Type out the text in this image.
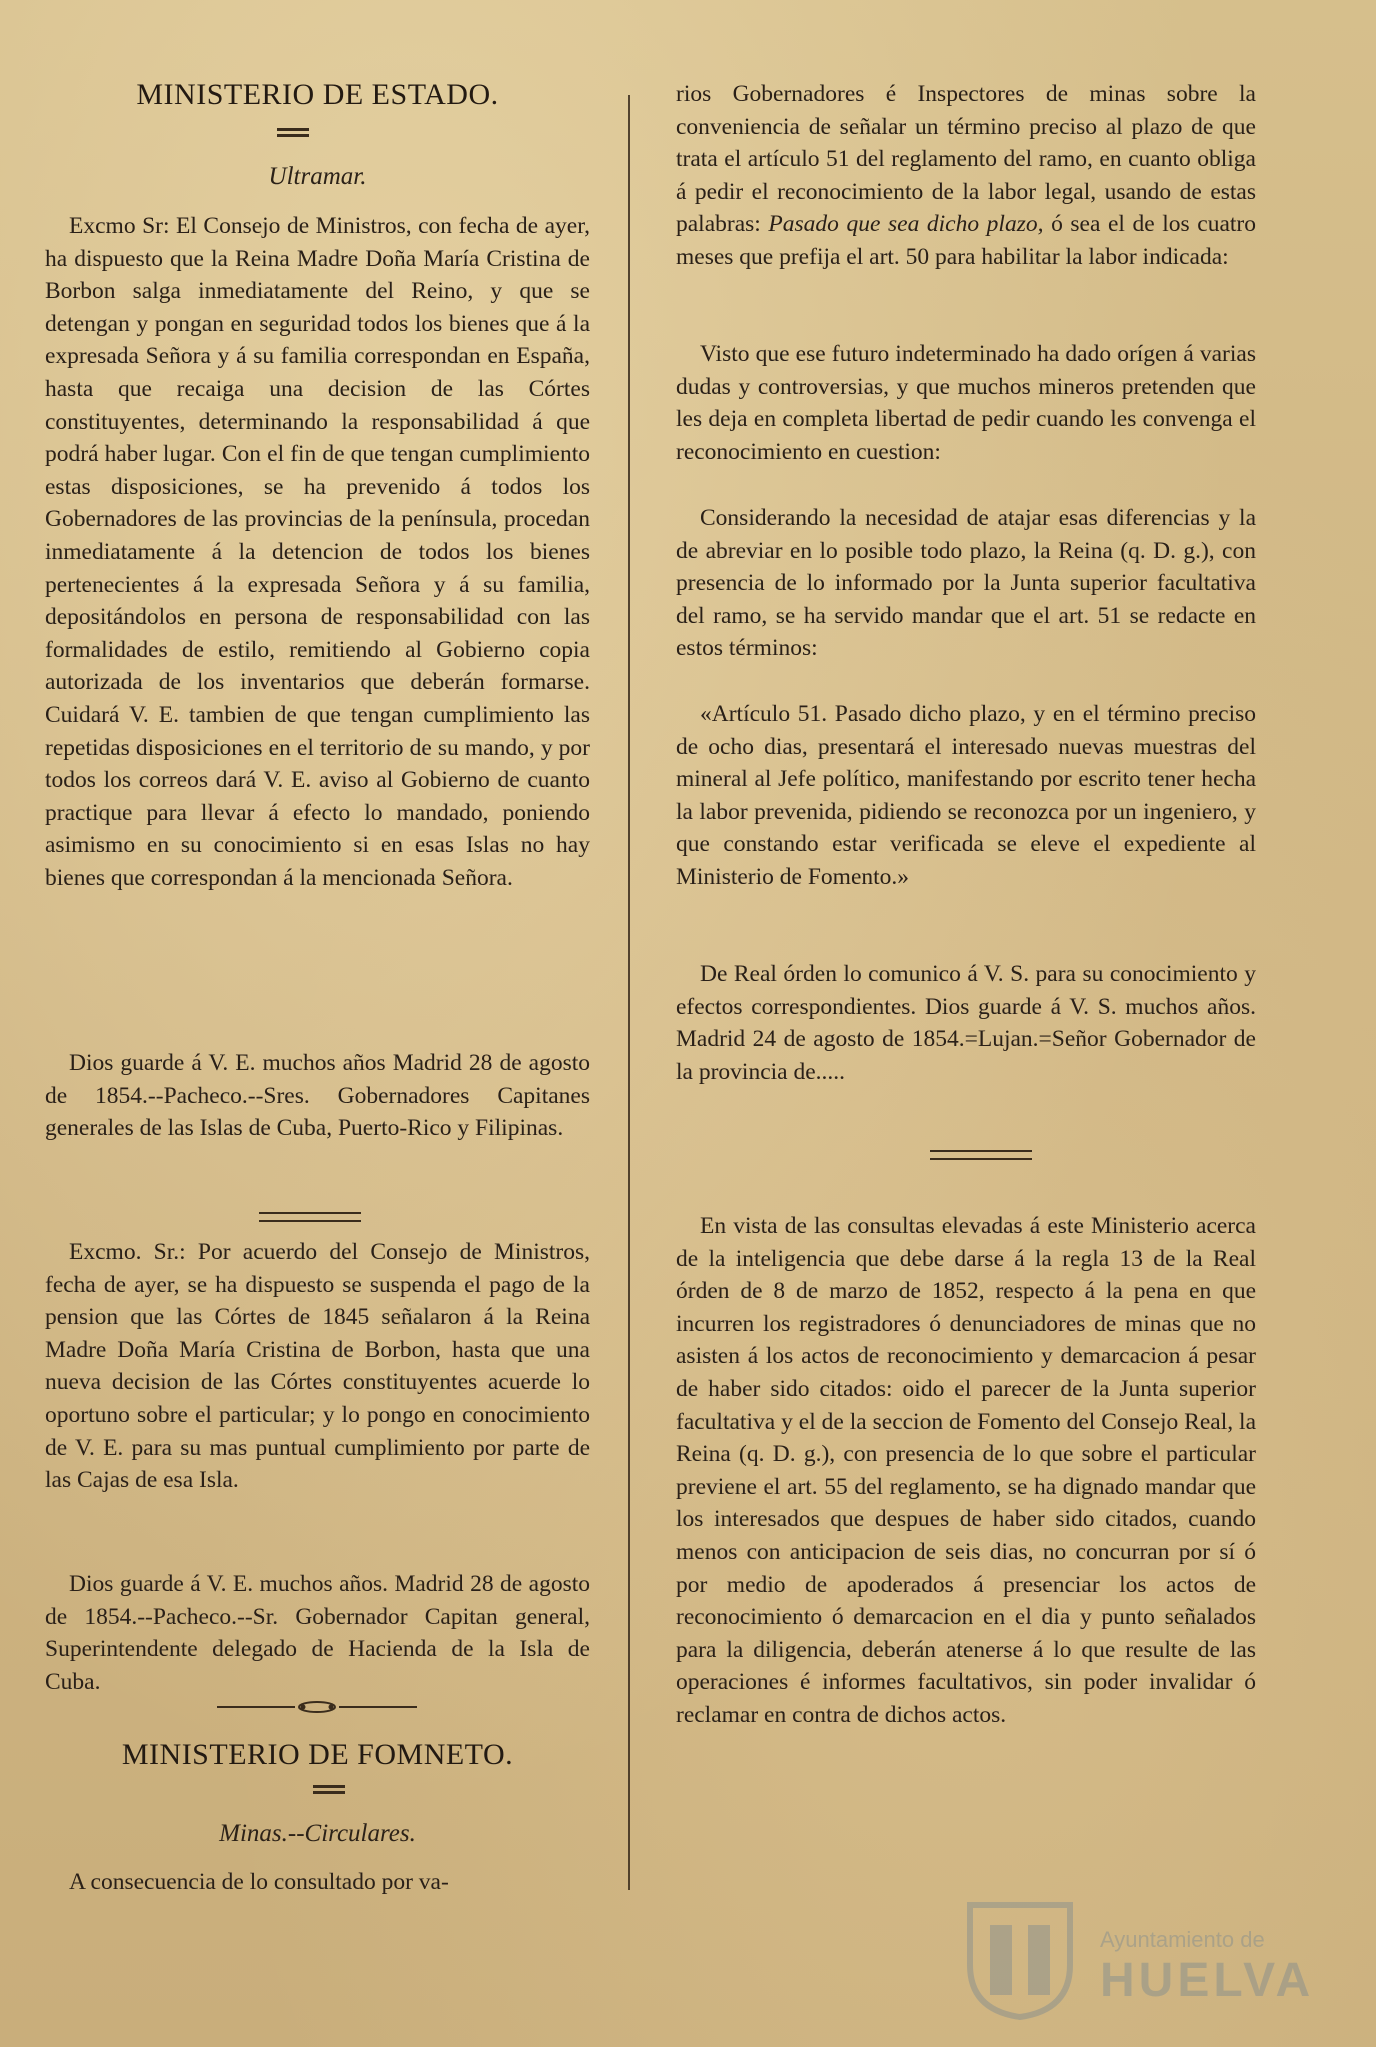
MINISTERIO DE ESTADO.
Ultramar.

Excmo Sr: El Consejo de Ministros, con fecha de ayer, ha dispuesto que la Reina Madre Doña María Cristina de Borbon salga inmediatamente del Reino, y que se detengan y pongan en seguridad todos los bienes que á la expresada Señora y á su familia correspondan en España, hasta que recaiga una decision de las Córtes constituyentes, determinando la responsabilidad á que podrá haber lugar. Con el fin de que tengan cumplimiento estas disposiciones, se ha prevenido á todos los Gobernadores de las provincias de la península, procedan inmediatamente á la detencion de todos los bienes pertenecientes á la expresada Señora y á su familia, depositándolos en persona de responsabilidad con las formalidades de estilo, remitiendo al Gobierno copia autorizada de los inventarios que deberán formarse. Cuidará V. E. tambien de que tengan cumplimiento las repetidas disposiciones en el territorio de su mando, y por todos los correos dará V. E. aviso al Gobierno de cuanto practique para llevar á efecto lo mandado, poniendo asimismo en su conocimiento si en esas Islas no hay bienes que correspondan á la mencionada Señora.

Dios guarde á V. E. muchos años Madrid 28 de agosto de 1854.--Pacheco.--Sres. Gobernadores Capitanes generales de las Islas de Cuba, Puerto-Rico y Filipinas.

Excmo. Sr.: Por acuerdo del Consejo de Ministros, fecha de ayer, se ha dispuesto se suspenda el pago de la pension que las Córtes de 1845 señalaron á la Reina Madre Doña María Cristina de Borbon, hasta que una nueva decision de las Córtes constituyentes acuerde lo oportuno sobre el particular; y lo pongo en conocimiento de V. E. para su mas puntual cumplimiento por parte de las Cajas de esa Isla.

Dios guarde á V. E. muchos años. Madrid 28 de agosto de 1854.--Pacheco.--Sr. Gobernador Capitan general, Superintendente delegado de Hacienda de la Isla de Cuba.

MINISTERIO DE FOMNETO.
Minas.--Circulares.

A consecuencia de lo consultado por va-

rios Gobernadores é Inspectores de minas sobre la conveniencia de señalar un término preciso al plazo de que trata el artículo 51 del reglamento del ramo, en cuanto obliga á pedir el reconocimiento de la labor legal, usando de estas palabras: Pasado que sea dicho plazo, ó sea el de los cuatro meses que prefija el art. 50 para habilitar la labor indicada:

Visto que ese futuro indeterminado ha dado orígen á varias dudas y controversias, y que muchos mineros pretenden que les deja en completa libertad de pedir cuando les convenga el reconocimiento en cuestion:

Considerando la necesidad de atajar esas diferencias y la de abreviar en lo posible todo plazo, la Reina (q. D. g.), con presencia de lo informado por la Junta superior facultativa del ramo, se ha servido mandar que el art. 51 se redacte en estos términos:

«Artículo 51. Pasado dicho plazo, y en el término preciso de ocho dias, presentará el interesado nuevas muestras del mineral al Jefe político, manifestando por escrito tener hecha la labor prevenida, pidiendo se reconozca por un ingeniero, y que constando estar verificada se eleve el expediente al Ministerio de Fomento.»

De Real órden lo comunico á V. S. para su conocimiento y efectos correspondientes. Dios guarde á V. S. muchos años. Madrid 24 de agosto de 1854.=Lujan.=Señor Gobernador de la provincia de.....

En vista de las consultas elevadas á este Ministerio acerca de la inteligencia que debe darse á la regla 13 de la Real órden de 8 de marzo de 1852, respecto á la pena en que incurren los registradores ó denunciadores de minas que no asisten á los actos de reconocimiento y demarcacion á pesar de haber sido citados: oido el parecer de la Junta superior facultativa y el de la seccion de Fomento del Consejo Real, la Reina (q. D. g.), con presencia de lo que sobre el particular previene el art. 55 del reglamento, se ha dignado mandar que los interesados que despues de haber sido citados, cuando menos con anticipacion de seis dias, no concurran por sí ó por medio de apoderados á presenciar los actos de reconocimiento ó demarcacion en el dia y punto señalados para la diligencia, deberán atenerse á lo que resulte de las operaciones é informes facultativos, sin poder invalidar ó reclamar en contra de dichos actos.

Ayuntamiento de
HUELVA
